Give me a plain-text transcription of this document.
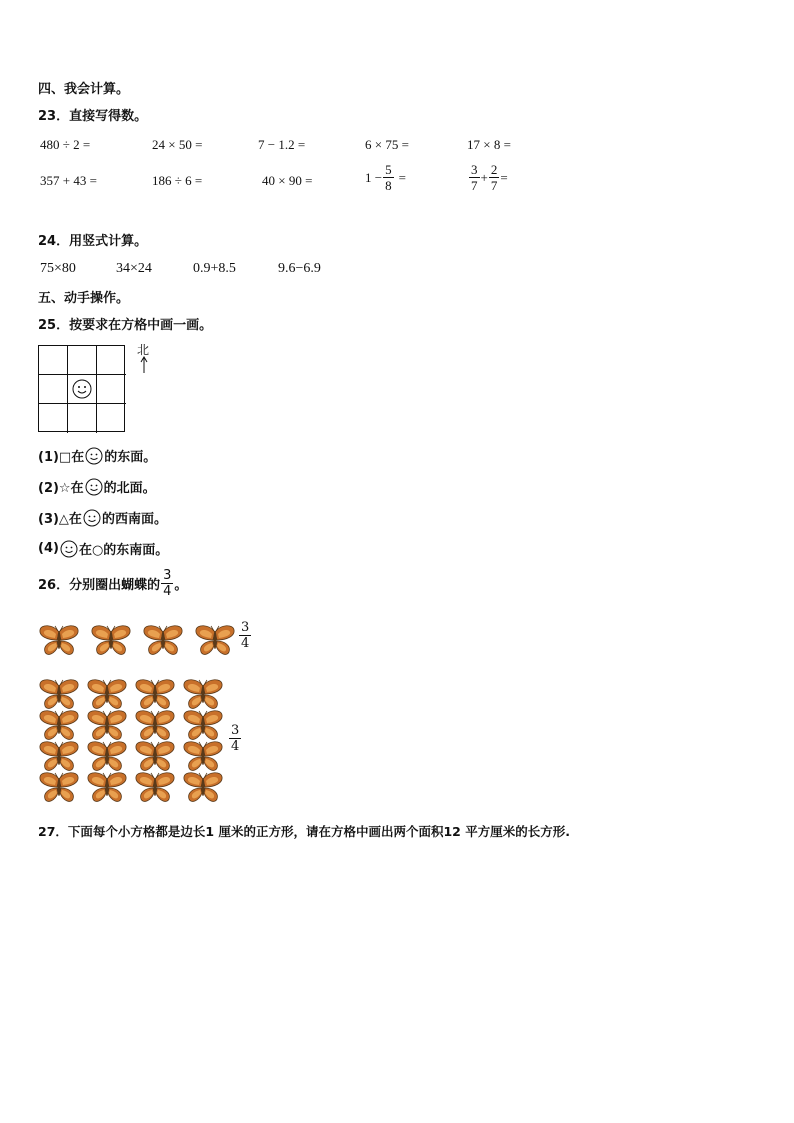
四、我会计算。
23．直接写得数。
480 ÷ 2 =	24 × 50 =	7 − 1.2 =	6 × 75 =	17 × 8 =
357 + 43 =	186 ÷ 6 =	40 × 90 =	$1 - \frac{5}{8}$ =	$\frac{3}{7} + \frac{2}{7}$ =
24．用竖式计算。
75×80	34×24	0.9+8.5	9.6−6.9
五、动手操作。
25．按要求在方格中画一画。
北
(1)□在 的东面。
(2)☆在 的北面。
(3)△在 的西南面。
(4) 在○的东南面。
26．分别圈出蝴蝶的 $\frac{3}{4}$ 。
$\frac{3}{4}$
$\frac{3}{4}$
27．下面每个小方格都是边长1 厘米的正方形，请在方格中画出两个面积12 平方厘米的长方形.
